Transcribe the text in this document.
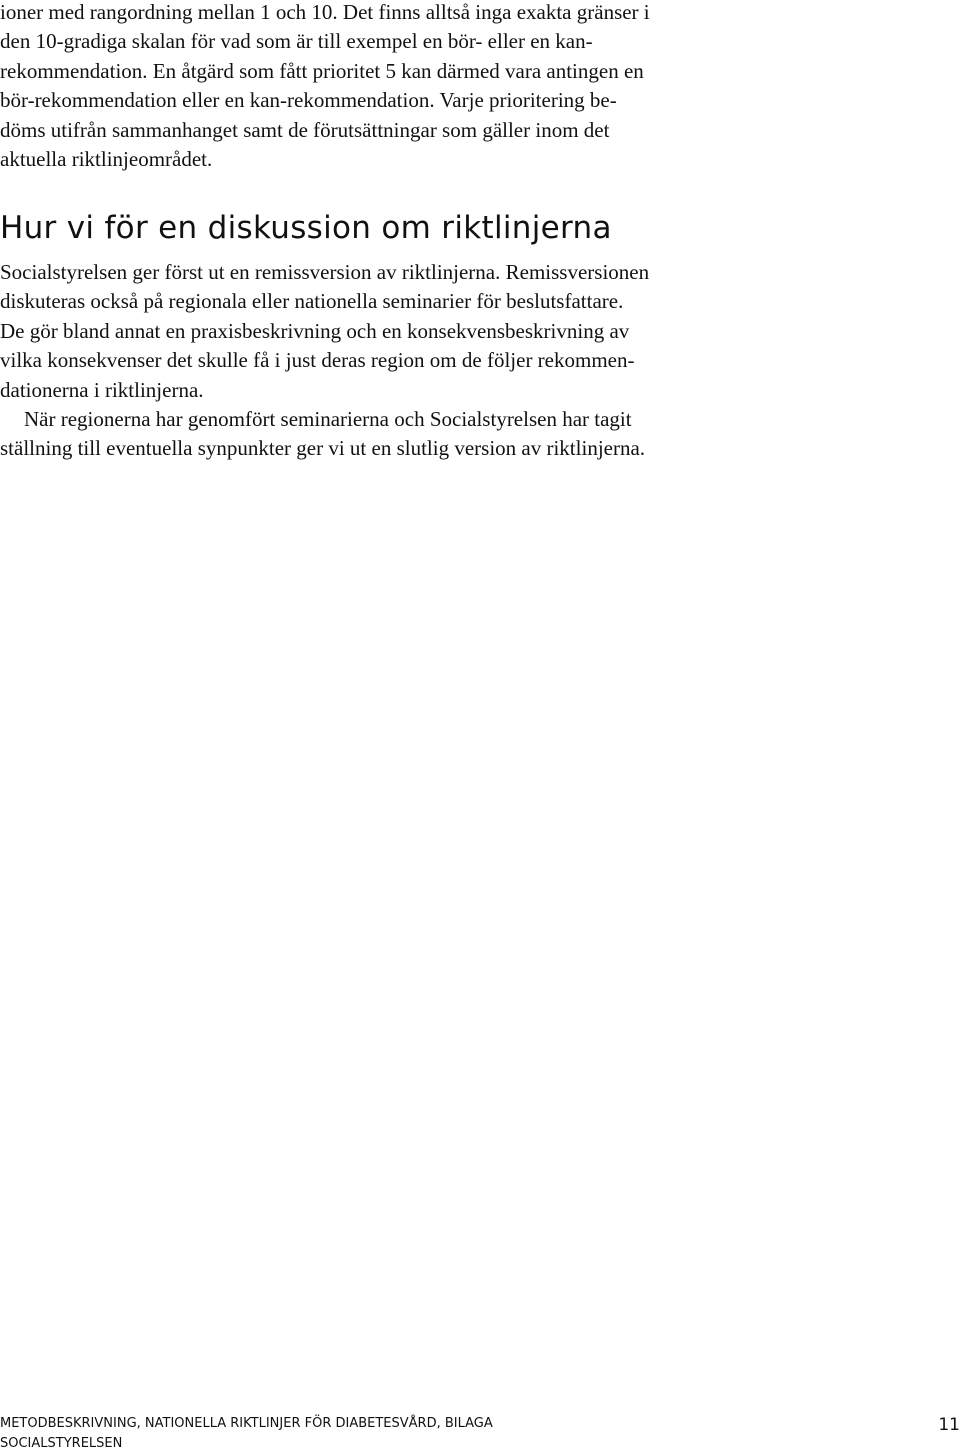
ioner med rangordning mellan 1 och 10. Det finns alltså inga exakta gränser i
den 10-gradiga skalan för vad som är till exempel en bör- eller en kan-
rekommendation. En åtgärd som fått prioritet 5 kan därmed vara antingen en
bör-rekommendation eller en kan-rekommendation. Varje prioritering be-
döms utifrån sammanhanget samt de förutsättningar som gäller inom det
aktuella riktlinjeområdet.
Hur vi för en diskussion om riktlinjerna
Socialstyrelsen ger först ut en remissversion av riktlinjerna. Remissversionen
diskuteras också på regionala eller nationella seminarier för beslutsfattare.
De gör bland annat en praxisbeskrivning och en konsekvensbeskrivning av
vilka konsekvenser det skulle få i just deras region om de följer rekommen-
dationerna i riktlinjerna.
När regionerna har genomfört seminarierna och Socialstyrelsen har tagit
ställning till eventuella synpunkter ger vi ut en slutlig version av riktlinjerna.
METODBESKRIVNING, NATIONELLA RIKTLINJER FÖR DIABETESVÅRD, BILAGA
SOCIALSTYRELSEN
11
